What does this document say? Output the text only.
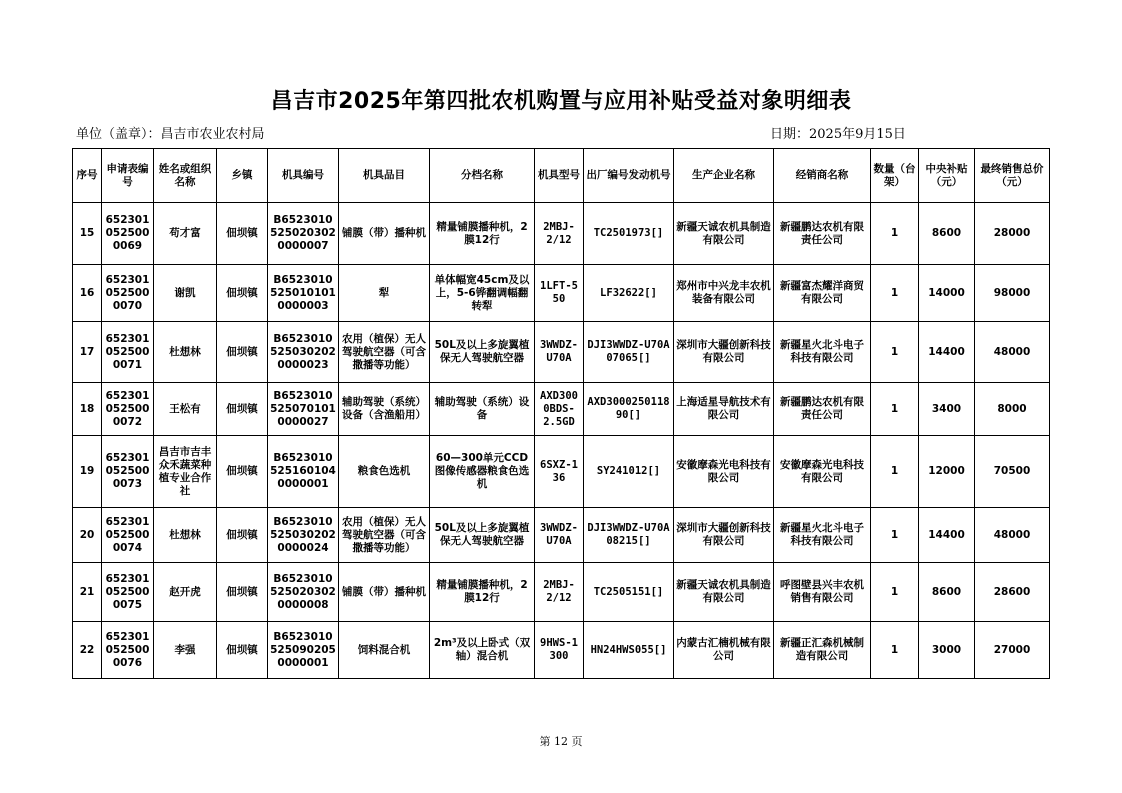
昌吉市2025年第四批农机购置与应用补贴受益对象明细表
单位（盖章）：昌吉市农业农村局	日期：2025年9月15日
序号	申请表编号	姓名或组织名称	乡镇	机具编号	机具品目	分档名称	机具型号	出厂编号发动机号	生产企业名称	经销商名称	数量（台架）	中央补贴（元）	最终销售总价（元）
15	6523010525000069	苟才富	佃坝镇	B65230105250203020000007	铺膜（带）播种机	精量铺膜播种机，2膜12行	2MBJ-2/12	TC2501973[]	新疆天诚农机具制造有限公司	新疆鹏达农机有限责任公司	1	8600	28000
16	6523010525000070	谢凯	佃坝镇	B65230105250101010000003	犁	单体幅宽45cm及以上，5-6铧翻调幅翻转犁	1LFT-550	LF32622[]	郑州市中兴龙丰农机装备有限公司	新疆富杰耀洋商贸有限公司	1	14000	98000
17	6523010525000071	杜想林	佃坝镇	B65230105250302020000023	农用（植保）无人驾驶航空器（可含撒播等功能）	50L及以上多旋翼植保无人驾驶航空器	3WWDZ-U70A	DJI3WWDZ-U70A07065[]	深圳市大疆创新科技有限公司	新疆星火北斗电子科技有限公司	1	14400	48000
18	6523010525000072	王松有	佃坝镇	B65230105250701010000027	辅助驾驶（系统）设备（含渔船用）	辅助驾驶（系统）设备	AXD3000BDS-2.5GD	AXD3000250118 90[]	上海适星导航技术有限公司	新疆鹏达农机有限责任公司	1	3400	8000
19	6523010525000073	昌吉市吉丰众禾蔬菜种植专业合作社	佃坝镇	B65230105251601040000001	粮食色选机	60—300单元CCD图像传感器粮食色选机	6SXZ-136	SY241012[]	安徽摩森光电科技有限公司	安徽摩森光电科技有限公司	1	12000	70500
20	6523010525000074	杜想林	佃坝镇	B65230105250302020000024	农用（植保）无人驾驶航空器（可含撒播等功能）	50L及以上多旋翼植保无人驾驶航空器	3WWDZ-U70A	DJI3WWDZ-U70A08215[]	深圳市大疆创新科技有限公司	新疆星火北斗电子科技有限公司	1	14400	48000
21	6523010525000075	赵开虎	佃坝镇	B65230105250203020000008	铺膜（带）播种机	精量铺膜播种机，2膜12行	2MBJ-2/12	TC2505151[]	新疆天诚农机具制造有限公司	呼图壁县兴丰农机销售有限公司	1	8600	28600
22	6523010525000076	李强	佃坝镇	B65230105250902050000001	饲料混合机	2m³及以上卧式（双轴）混合机	9HWS-1300	HN24HWS055[]	内蒙古汇楠机械有限公司	新疆正汇森机械制造有限公司	1	3000	27000
第 12 页
